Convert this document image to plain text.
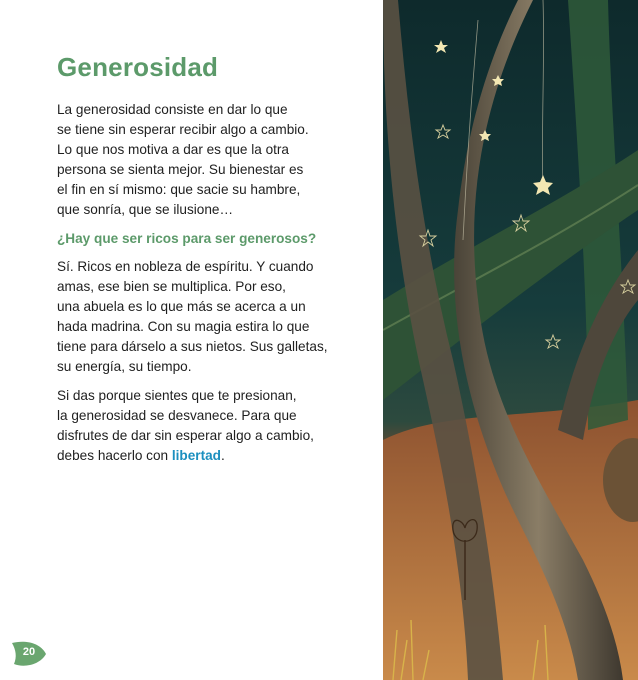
Generosidad

La generosidad consiste en dar lo que
se tiene sin esperar recibir algo a cambio.
Lo que nos motiva a dar es que la otra
persona se sienta mejor. Su bienestar es
el fin en sí mismo: que sacie su hambre,
que sonría, que se ilusione…

¿Hay que ser ricos para ser generosos?

Sí. Ricos en nobleza de espíritu. Y cuando
amas, ese bien se multiplica. Por eso,
una abuela es lo que más se acerca a un
hada madrina. Con su magia estira lo que
tiene para dárselo a sus nietos. Sus galletas,
su energía, su tiempo.

Si das porque sientes que te presionan,
la generosidad se desvanece. Para que
disfrutes de dar sin esperar algo a cambio,
debes hacerlo con libertad.

20
